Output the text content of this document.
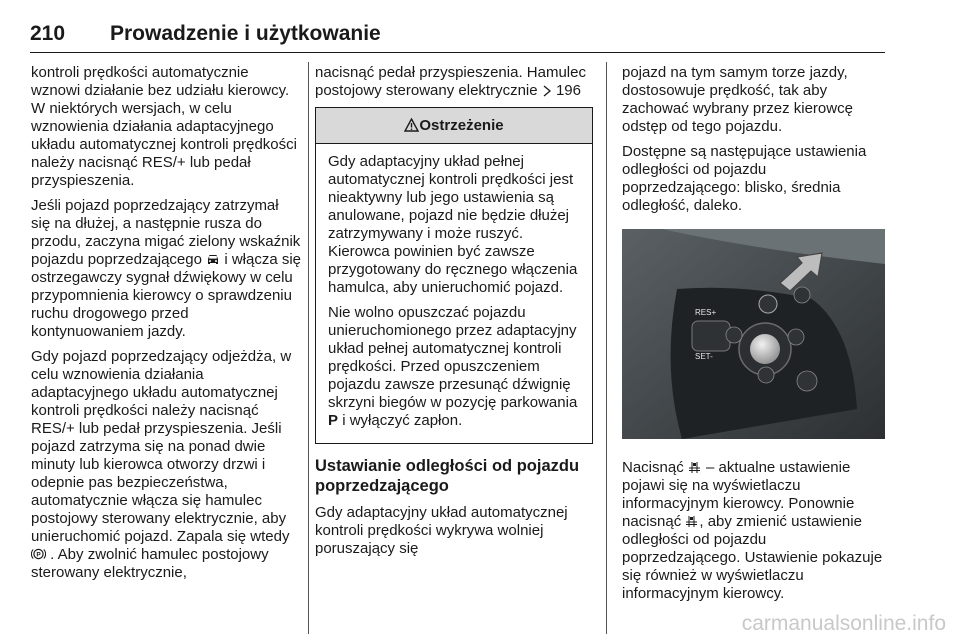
210 Prowadzenie i użytkowanie

kontroli prędkości automatycznie wznowi działanie bez udziału kierowcy. W niektórych wersjach, w celu wznowienia działania adaptacyjnego układu automatycznej kontroli prędkości należy nacisnąć RES/+ lub pedał przyspieszenia.

Jeśli pojazd poprzedzający zatrzymał się na dłużej, a następnie rusza do przodu, zaczyna migać zielony wskaźnik pojazdu poprzedzającego i włącza się ostrzegawczy sygnał dźwiękowy w celu przypomnienia kierowcy o sprawdzeniu ruchu drogowego przed kontynuowaniem jazdy.

Gdy pojazd poprzedzający odjeżdża, w celu wznowienia działania adaptacyjnego układu automatycznej kontroli prędkości należy nacisnąć RES/+ lub pedał przyspieszenia. Jeśli pojazd zatrzyma się na ponad dwie minuty lub kierowca otworzy drzwi i odepnie pas bezpieczeństwa, automatycznie włącza się hamulec postojowy sterowany elektrycznie, aby unieruchomić pojazd. Zapala się wtedy
P . Aby zwolnić hamulec postojowy sterowany elektrycznie,

nacisnąć pedał przyspieszenia. Hamulec postojowy sterowany elektrycznie 196

Ostrzeżenie

Gdy adaptacyjny układ pełnej automatycznej kontroli prędkości jest nieaktywny lub jego ustawienia są anulowane, pojazd nie będzie dłużej zatrzymywany i może ruszyć. Kierowca powinien być zawsze przygotowany do ręcznego włączenia hamulca, aby unieruchomić pojazd.

Nie wolno opuszczać pojazdu unieruchomionego przez adaptacyjny układ pełnej automatycznej kontroli prędkości. Przed opuszczeniem pojazdu zawsze przesunąć dźwignię skrzyni biegów w pozycję parkowania P i wyłączyć zapłon.

Ustawianie odległości od pojazdu poprzedzającego

Gdy adaptacyjny układ automatycznej kontroli prędkości wykrywa wolniej poruszający się

pojazd na tym samym torze jazdy, dostosowuje prędkość, tak aby zachować wybrany przez kierowcę odstęp od tego pojazdu.

Dostępne są następujące ustawienia odległości od pojazdu poprzedzającego: blisko, średnia odległość, daleko.

RES+
SET-

Nacisnąć – aktualne ustawienie pojawi się na wyświetlaczu informacyjnym kierowcy. Ponownie nacisnąć , aby zmienić ustawienie odległości od pojazdu poprzedzającego. Ustawienie pokazuje się również w wyświetlaczu informacyjnym kierowcy.

carmanualsonline.info
